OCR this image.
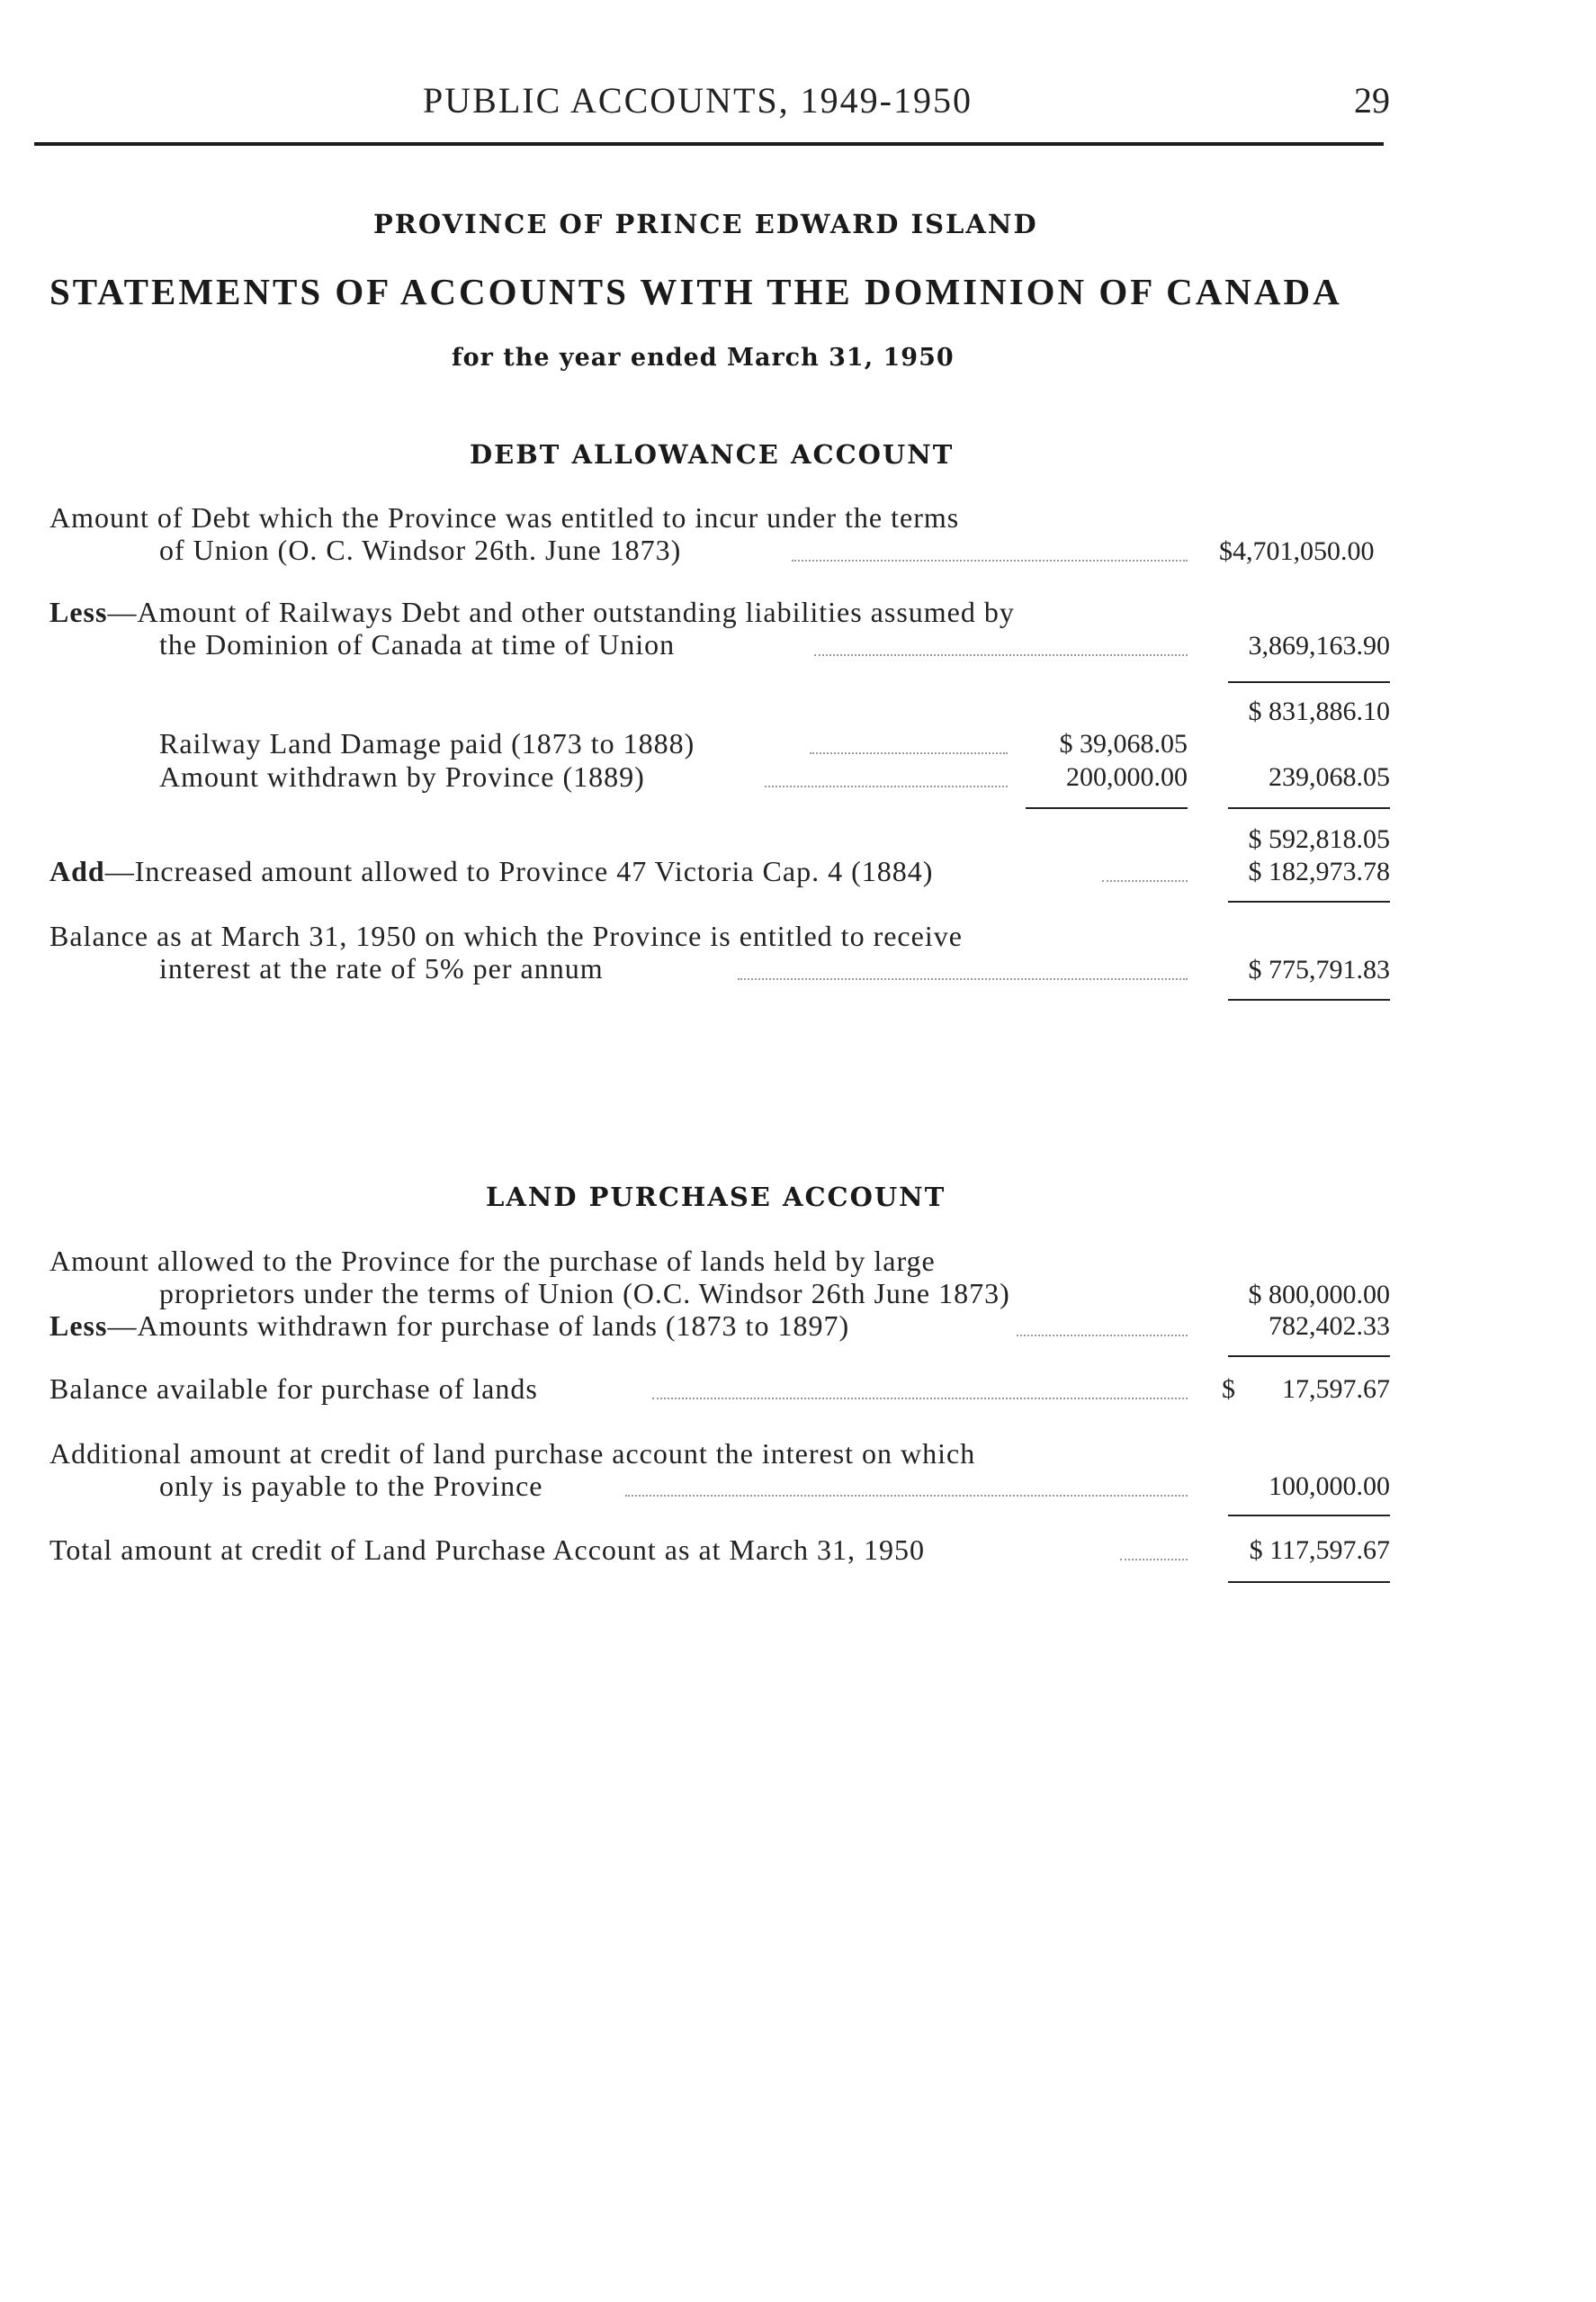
PUBLIC ACCOUNTS, 1949-1950	29
PROVINCE OF PRINCE EDWARD ISLAND
STATEMENTS OF ACCOUNTS WITH THE DOMINION OF CANADA
for the year ended March 31, 1950
DEBT ALLOWANCE ACCOUNT
Amount of Debt which the Province was entitled to incur under the terms
of Union (O. C. Windsor 26th. June 1873)	$4,701,050.00
Less—Amount of Railways Debt and other outstanding liabilities assumed by
the Dominion of Canada at time of Union	3,869,163.90
$ 831,886.10
Railway Land Damage paid (1873 to 1888)	$ 39,068.05
Amount withdrawn by Province (1889)	200,000.00	239,068.05
$ 592,818.05
Add—Increased amount allowed to Province 47 Victoria Cap. 4 (1884)	$ 182,973.78
Balance as at March 31, 1950 on which the Province is entitled to receive
interest at the rate of 5% per annum	$ 775,791.83
LAND PURCHASE ACCOUNT
Amount allowed to the Province for the purchase of lands held by large
proprietors under the terms of Union (O.C. Windsor 26th June 1873)	$ 800,000.00
Less—Amounts withdrawn for purchase of lands (1873 to 1897)	782,402.33
Balance available for purchase of lands	$	17,597.67
Additional amount at credit of land purchase account the interest on which
only is payable to the Province	100,000.00
Total amount at credit of Land Purchase Account as at March 31, 1950	$ 117,597.67
